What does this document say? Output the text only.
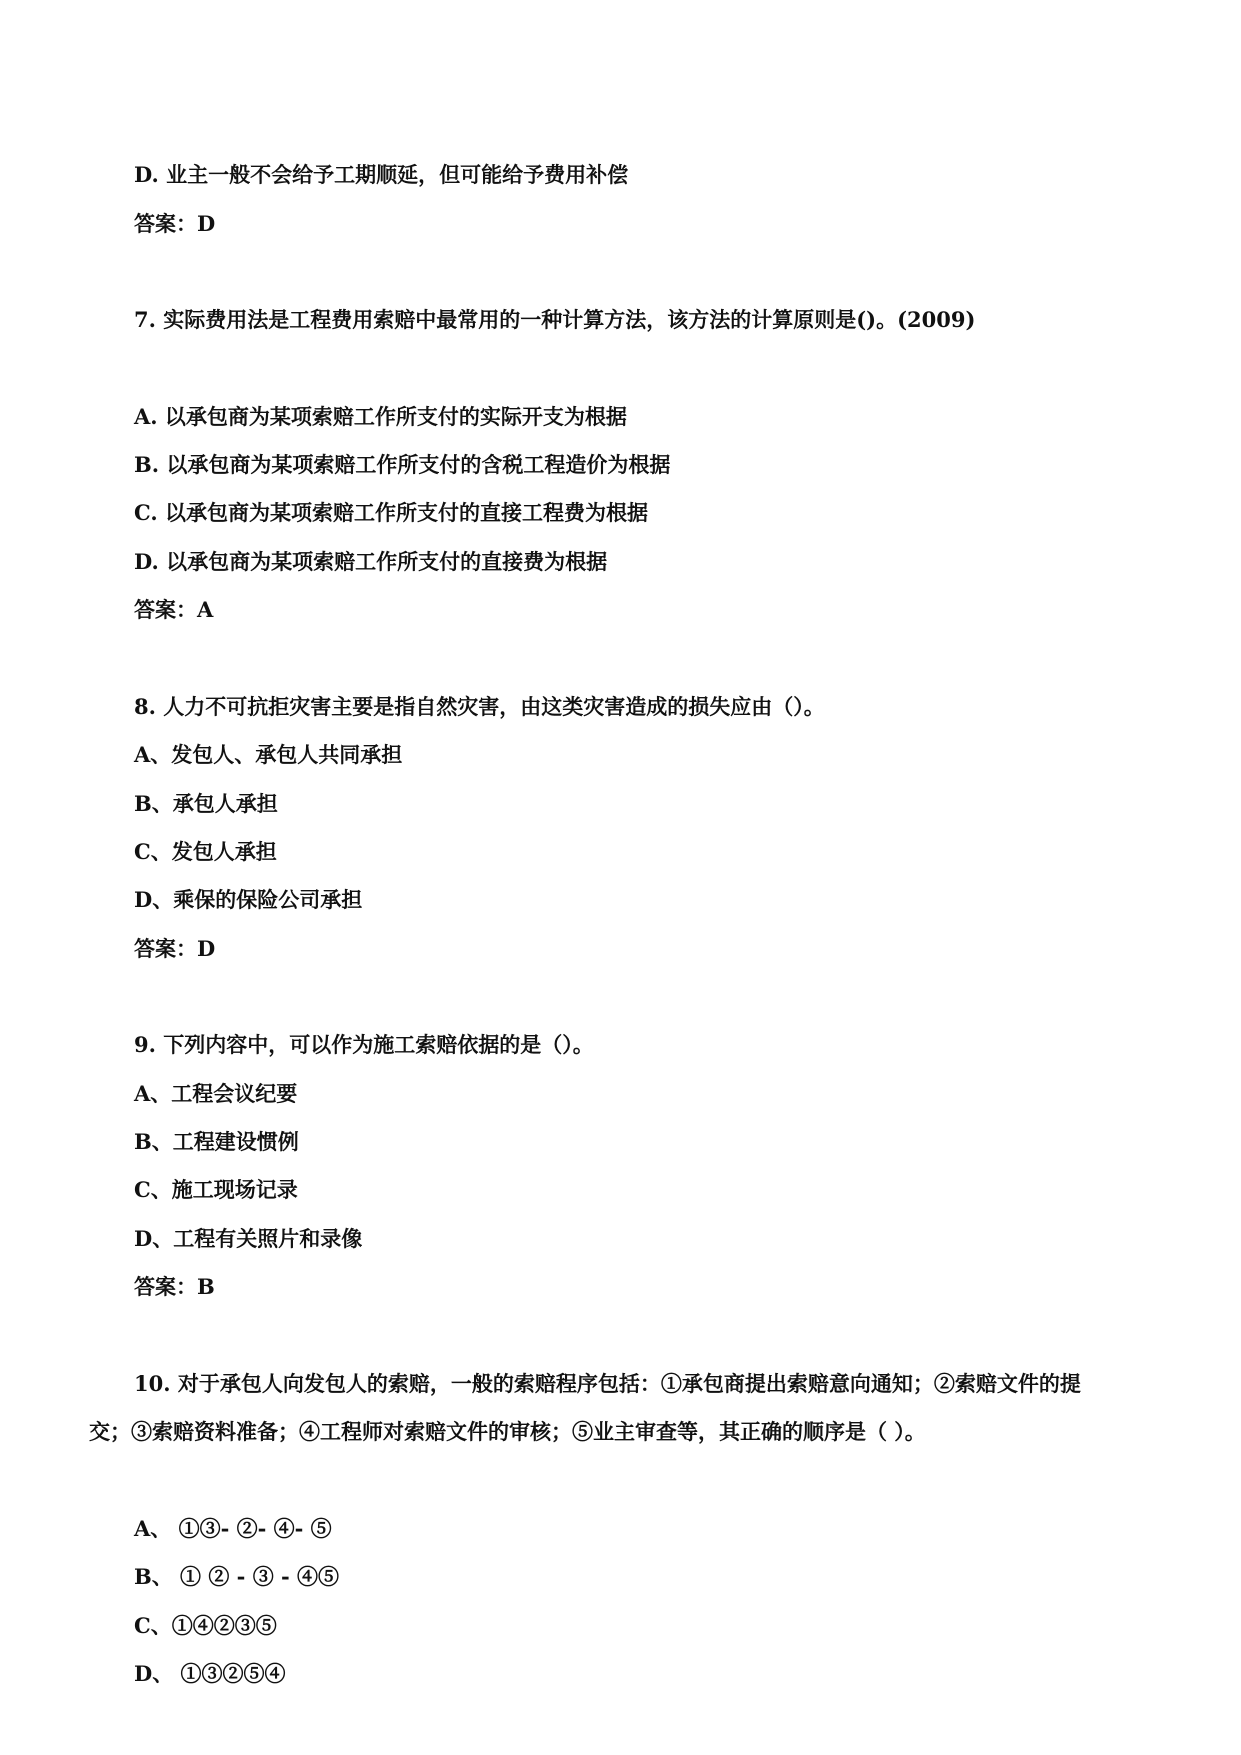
D. 业主一般不会给予工期顺延，但可能给予费用补偿
答案：D
7. 实际费用法是工程费用索赔中最常用的一种计算方法，该方法的计算原则是()。(2009)
A. 以承包商为某项索赔工作所支付的实际开支为根据
B. 以承包商为某项索赔工作所支付的含税工程造价为根据
C. 以承包商为某项索赔工作所支付的直接工程费为根据
D. 以承包商为某项索赔工作所支付的直接费为根据
答案：A
8. 人力不可抗拒灾害主要是指自然灾害，由这类灾害造成的损失应由（）。
A、发包人、承包人共同承担
B、承包人承担
C、发包人承担
D、乘保的保险公司承担
答案：D
9. 下列内容中，可以作为施工索赔依据的是（）。
A、工程会议纪要
B、工程建设惯例
C、施工现场记录
D、工程有关照片和录像
答案：B
10. 对于承包人向发包人的索赔，一般的索赔程序包括：①承包商提出索赔意向通知；②索赔文件的提
交；③索赔资料准备；④工程师对索赔文件的审核；⑤业主审查等，其正确的顺序是（ ）。
A、 ①③- ②- ④- ⑤
B、 ① ② - ③ - ④⑤
C、①④②③⑤
D、 ①③②⑤④
